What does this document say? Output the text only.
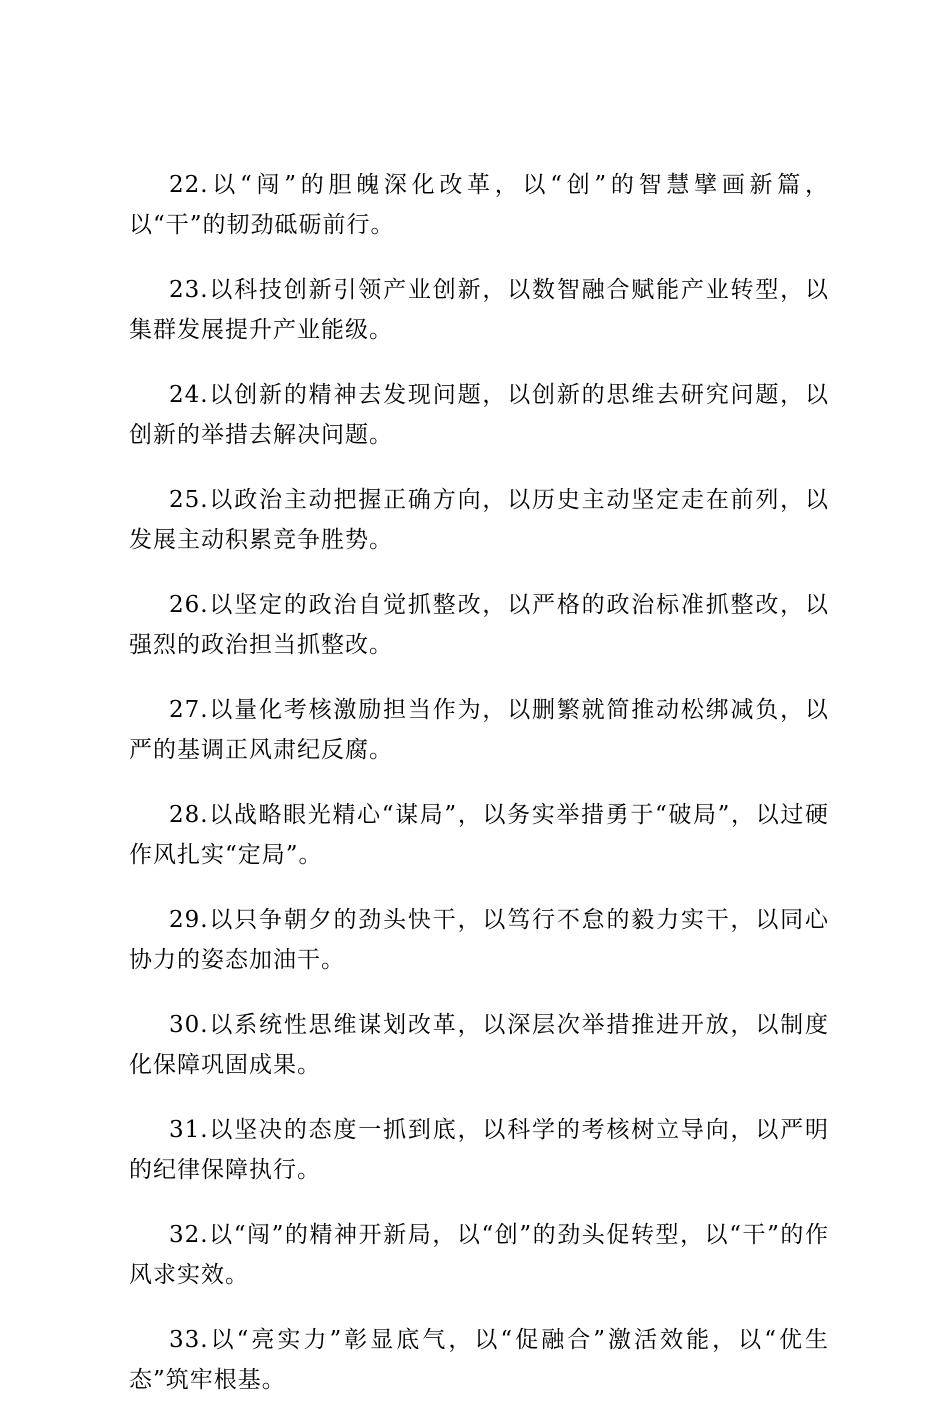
22.以“闯”的胆魄深化改革，以“创”的智慧擘画新篇，以“干”的韧劲砥砺前行。

23.以科技创新引领产业创新，以数智融合赋能产业转型，以集群发展提升产业能级。

24.以创新的精神去发现问题，以创新的思维去研究问题，以创新的举措去解决问题。

25.以政治主动把握正确方向，以历史主动坚定走在前列，以发展主动积累竞争胜势。

26.以坚定的政治自觉抓整改，以严格的政治标准抓整改，以强烈的政治担当抓整改。

27.以量化考核激励担当作为，以删繁就简推动松绑减负，以严的基调正风肃纪反腐。

28.以战略眼光精心“谋局”，以务实举措勇于“破局”，以过硬作风扎实“定局”。

29.以只争朝夕的劲头快干，以笃行不怠的毅力实干，以同心协力的姿态加油干。

30.以系统性思维谋划改革，以深层次举措推进开放，以制度化保障巩固成果。

31.以坚决的态度一抓到底，以科学的考核树立导向，以严明的纪律保障执行。

32.以“闯”的精神开新局，以“创”的劲头促转型，以“干”的作风求实效。

33.以“亮实力”彰显底气，以“促融合”激活效能，以“优生态”筑牢根基。
